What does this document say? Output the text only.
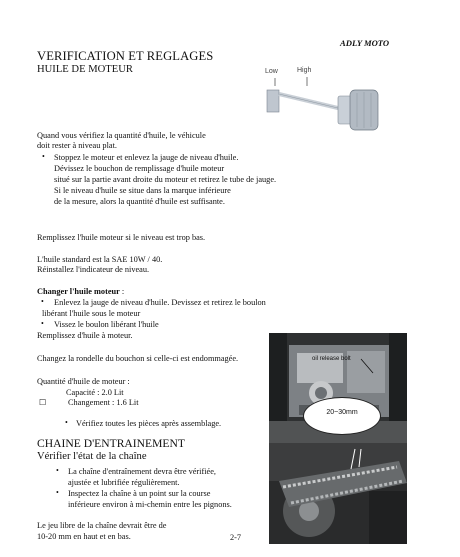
ADLY MOTO
VERIFICATION ET REGLAGES
HUILE DE MOTEUR	Low	High
Quand vous vérifiez la quantité d'huile, le véhicule
doit rester à niveau plat.
• Stoppez le moteur et enlevez la jauge de niveau d'huile.
Dévissez le bouchon de remplissage d'huile moteur
situé sur la partie avant droite du moteur et retirez le tube de jauge.
Si le niveau d'huile se situe dans la marque inférieure
de la mesure, alors la quantité d'huile est suffisante.
Remplissez l'huile moteur si le niveau est trop bas.
L'huile standard est la SAE 10W / 40.
Réinstallez l'indicateur de niveau.
Changer l'huile moteur :
• Enlevez la jauge de niveau d'huile. Devissez et retirez le boulon
libérant l'huile sous le moteur
• Vissez le boulon libérant l'huile
Remplissez d'huile à moteur.
Changez la rondelle du bouchon si celle-ci est endommagée.	oil release bolt
Quantité d'huile de moteur :
Capacité : 2.0 Lit
☐	Changement : 1.6 Lit
• Vérifiez toutes les pièces après assemblage.
CHAINE D'ENTRAINEMENT
Vérifier l'état de la chaîne
• La chaîne d'entraînement devra être vérifiée,
ajustée et lubrifiée régulièrement.
• Inspectez la chaîne à un point sur la course
inférieure environ à mi-chemin entre les pignons.
Le jeu libre de la chaîne devrait être de
10-20 mm en haut et en bas.	2-7
20~30mm
